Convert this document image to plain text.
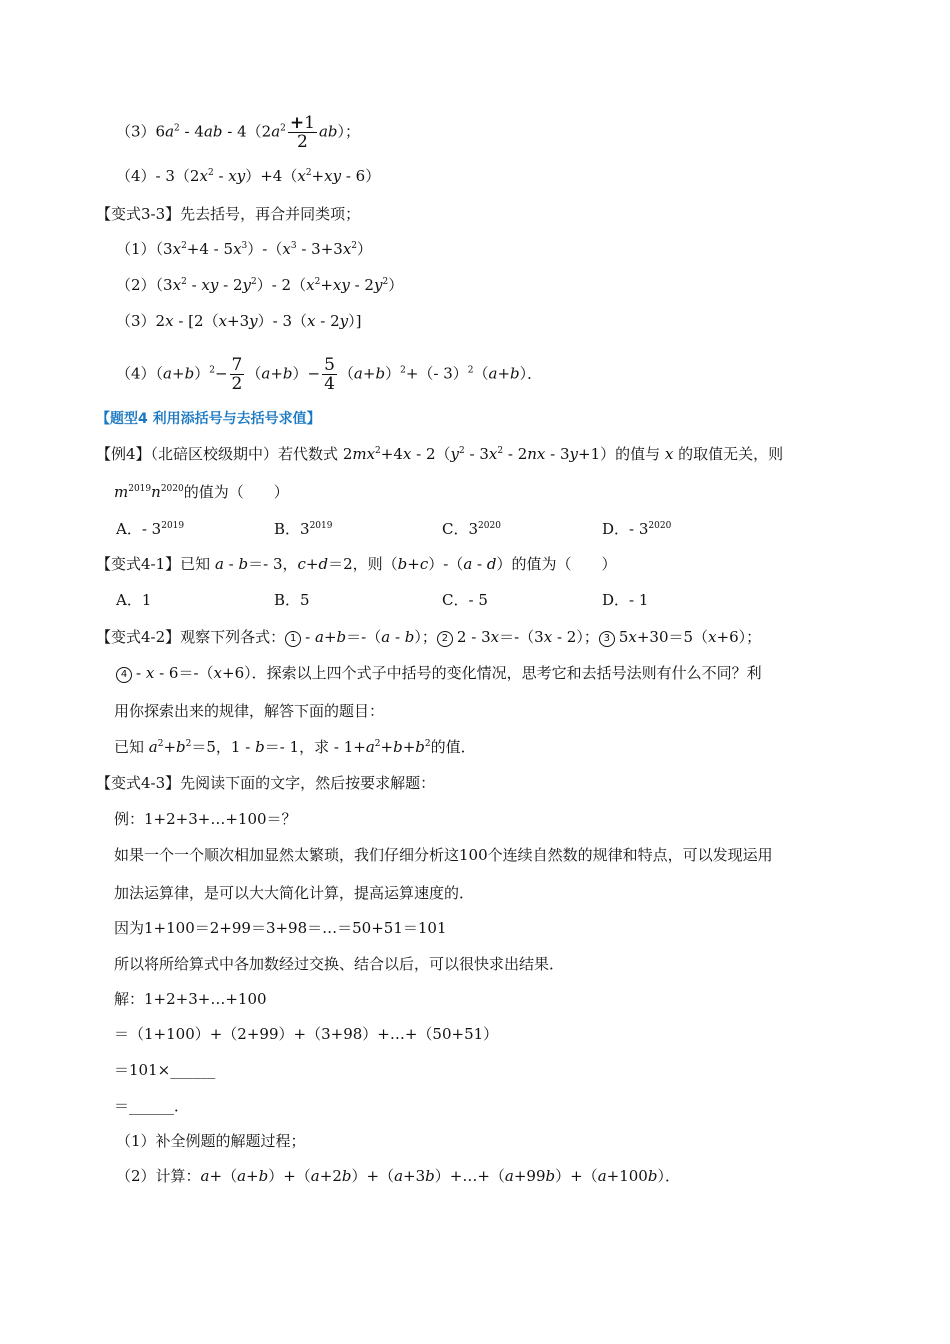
$(3)6a^2 - 4ab - 4(2a^2 \frac{+1}{2} ab)$；
（4）- $3(2x^2 - xy)+4(x^2+xy - 6)$
【变式3-3】先去括号，再合并同类项；
$(1)(3x^2+4 - 5x^3)-(x^3 - 3+3x^2)$
$(2)(3x^2$ - xy - $2y^2)-$ $2(x^2+xy - 2y^2)$
（3）2x - [2（x+3y）- 3（x - 2y）]
$(4)(a+b)^2- \frac{7}{2} (a+b)- \frac{5}{4} (a+b)^2+(-$ 3）$^2$（a+b）．
【题型4 利用添括号与去括号求值】
【例4】（北碚区校级期中）若代数式 $2mx^2+4x - 2(y^2 - 3x^2 - 2nx - 3y+1)$的值与 x 的取值无关，则
$m^{2019}n^{2020}$的值为（　　）
A．- $3^{2019}$	B．$3^{2019}$	C．$3^{2020}$	D．- $3^{2020}$
【变式4-1】已知 a - b＝- 3，c+d＝2，则（b+c）-（a - d）的值为（　　）
A．1	B．5	C．- 5	D．- 1
【变式4-2】观察下列各式： 1 - a+b＝-（a - b）； 2 2 - 3x＝-（3x - 2）； 3 5x+30＝5（x+6）；
4 - x - 6＝-（x+6）．探索以上四个式子中括号的变化情况，思考它和去括号法则有什么不同？利
用你探索出来的规律，解答下面的题目：
已知 $a^2+b^2=5$，1 - b＝- 1，求 - $1+a^2+b+b^2$的值．
【变式4-3】先阅读下面的文字，然后按要求解题：
例：1+2+3+…+100＝？
如果一个一个顺次相加显然太繁琐，我们仔细分析这100个连续自然数的规律和特点，可以发现运用
加法运算律，是可以大大简化计算，提高运算速度的．
因为1+100＝2+99＝3+98＝…＝50+51＝101
所以将所给算式中各加数经过交换、结合以后，可以很快求出结果．
解：1+2+3+…+100
＝（1+100）+（2+99）+（3+98）+…+（50+51）
＝101×______
＝______．
（1）补全例题的解题过程；
（2）计算：a+（a+b）+（a+2b）+（a+3b）+…+（a+99b）+（a+100b）．
